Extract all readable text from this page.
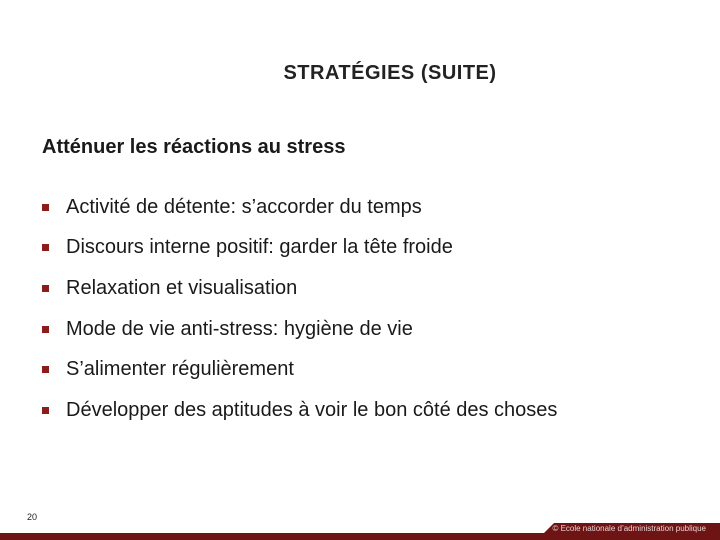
STRATÉGIES (SUITE)
Atténuer les réactions au stress
Activité de détente: s’accorder du temps
Discours interne positif: garder la tête froide
Relaxation et visualisation
Mode de vie anti-stress: hygiène de vie
S’alimenter régulièrement
Développer des aptitudes à voir le bon côté des choses
20
© Ecole nationale d’administration publique
